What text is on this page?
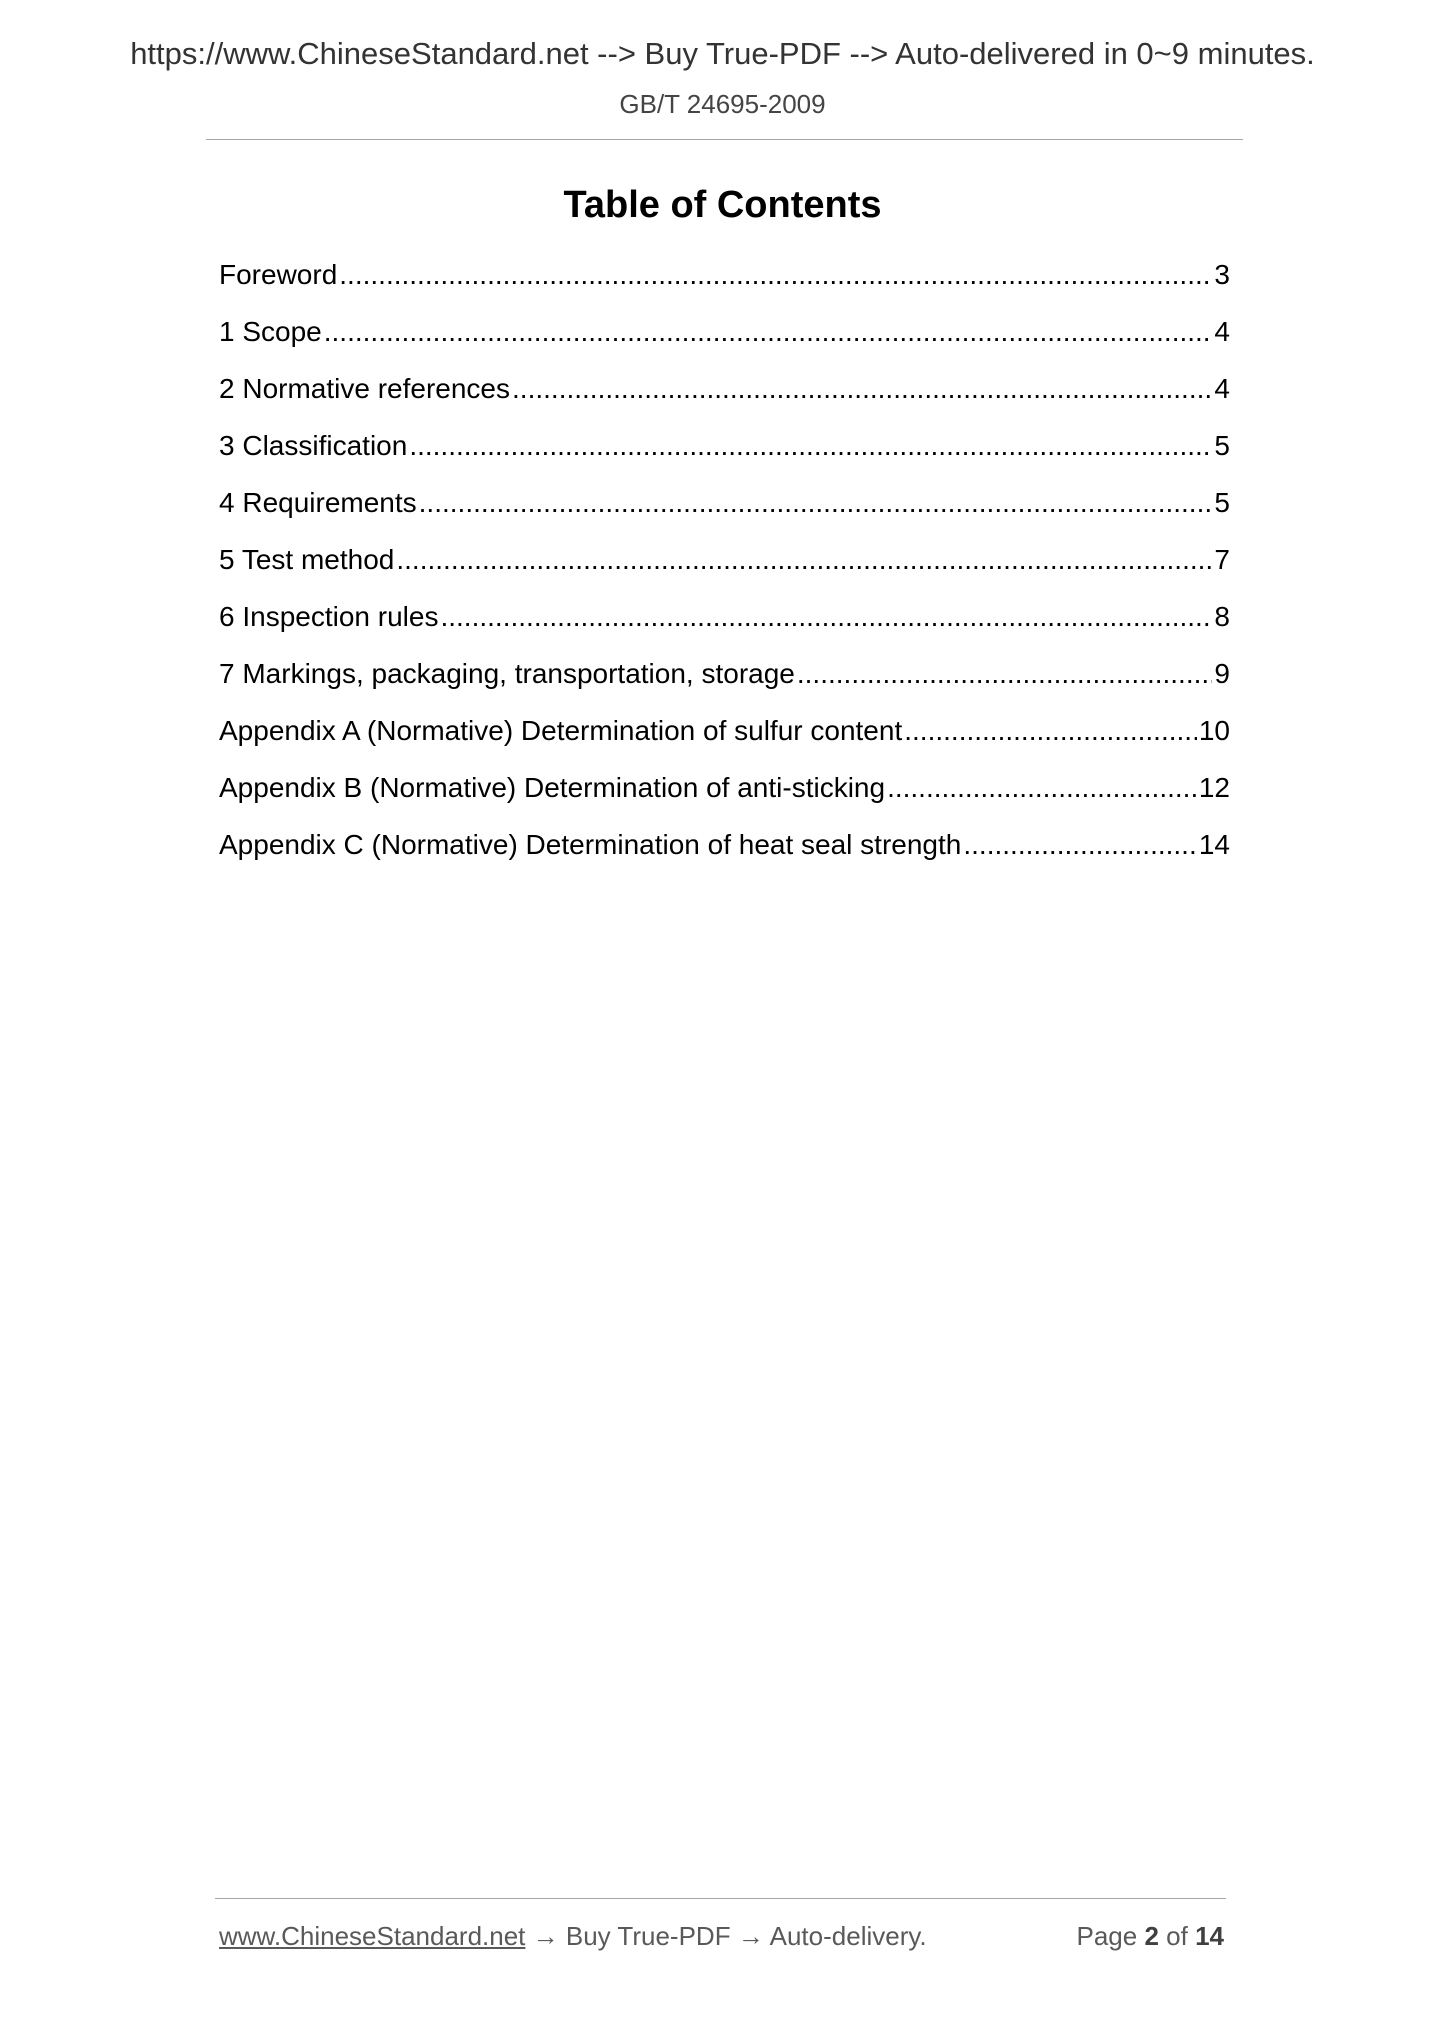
https://www.ChineseStandard.net --> Buy True-PDF --> Auto-delivered in 0~9 minutes.
GB/T 24695-2009
Table of Contents
Foreword .....	3
1 Scope .....	4
2 Normative references .....	4
3 Classification .....	5
4 Requirements .....	5
5 Test method .....	7
6 Inspection rules .....	8
7 Markings, packaging, transportation, storage .....	9
Appendix A (Normative) Determination of sulfur content .....	10
Appendix B (Normative) Determination of anti-sticking .....	12
Appendix C (Normative) Determination of heat seal strength .....	14
www.ChineseStandard.net → Buy True-PDF → Auto-delivery.	Page 2 of 14
